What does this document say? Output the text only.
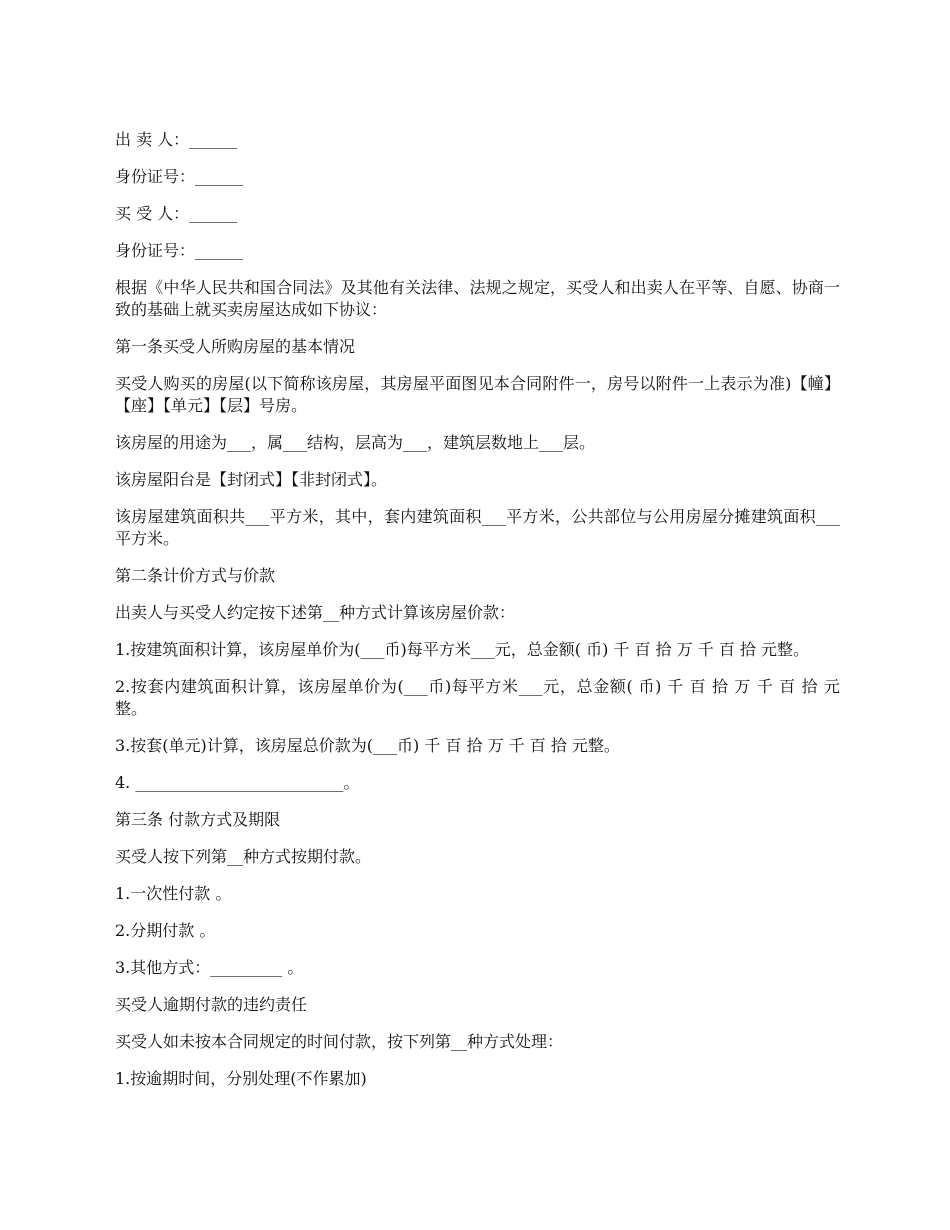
出 卖 人：______

身份证号：______

买 受 人：______

身份证号：______

根据《中华人民共和国合同法》及其他有关法律、法规之规定，买受人和出卖人在平等、自愿、协商一致的基础上就买卖房屋达成如下协议：

第一条买受人所购房屋的基本情况

买受人购买的房屋(以下简称该房屋，其房屋平面图见本合同附件一，房号以附件一上表示为准)【幢】【座】【单元】【层】号房。

该房屋的用途为___，属___结构，层高为___，建筑层数地上___层。

该房屋阳台是【封闭式】【非封闭式】。

该房屋建筑面积共___平方米，其中，套内建筑面积___平方米，公共部位与公用房屋分摊建筑面积___平方米。

第二条计价方式与价款

出卖人与买受人约定按下述第__种方式计算该房屋价款：

1.按建筑面积计算，该房屋单价为(___币)每平方米___元，总金额( 币) 千 百 拾 万 千 百 拾 元整。

2.按套内建筑面积计算，该房屋单价为(___币)每平方米___元，总金额( 币) 千 百 拾 万 千 百 拾 元整。

3.按套(单元)计算，该房屋总价款为(___币) 千 百 拾 万 千 百 拾 元整。

4. __________________________。

第三条 付款方式及期限

买受人按下列第__种方式按期付款。

1.一次性付款 。

2.分期付款 。

3.其他方式：_________ 。

买受人逾期付款的违约责任

买受人如未按本合同规定的时间付款，按下列第__种方式处理：

1.按逾期时间，分别处理(不作累加)
